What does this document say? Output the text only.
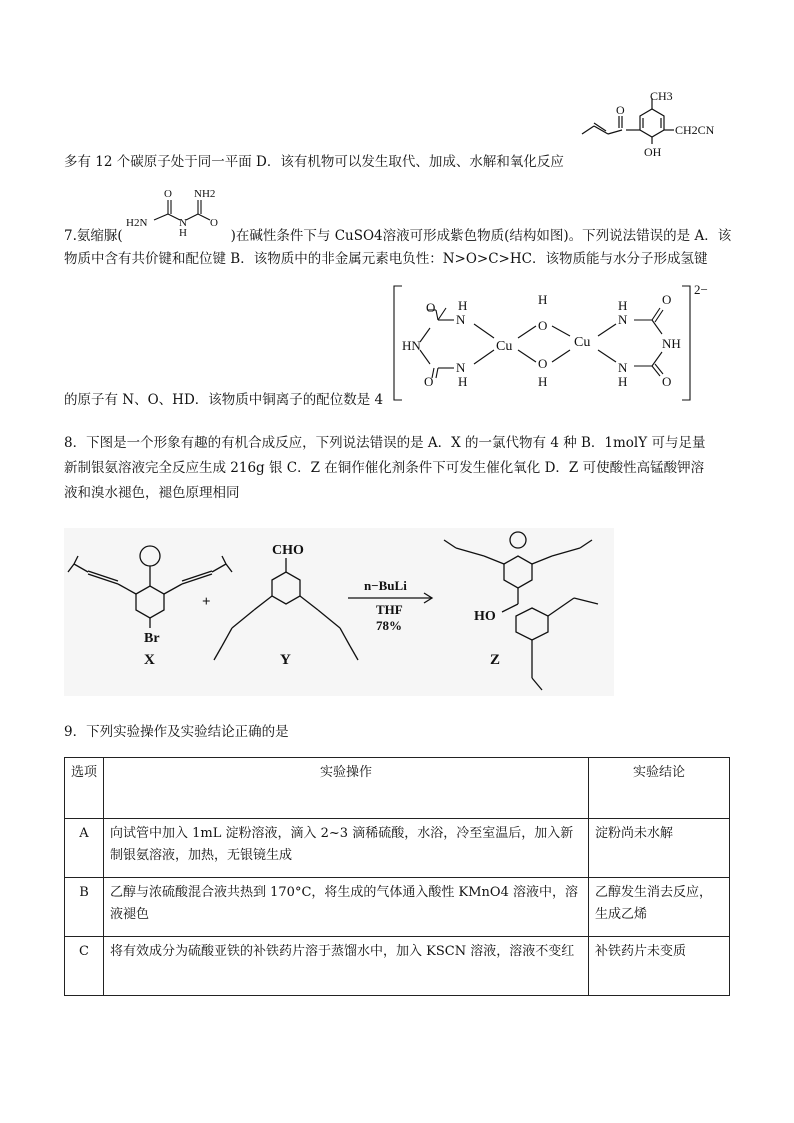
CH3
O
CH2CN
OH
多有 12 个碳原子处于同一平面 D．该有机物可以发生取代、加成、水解和氧化反应
O NH2
H2N	N
H
O
7.氨缩脲(	)在碱性条件下与 CuSO4溶液可形成紫色物质(结构如图)。下列说法错误的是 A．该
物质中含有共价键和配位键 B．该物质中的非金属元素电负性：N>O>C>HC．该物质能与水分子形成氢键
2−
O
N
H
HN
N
H
O
Cu
O
H
O
H
Cu
N
H	O
NH
N
H	O
的原子有 N、O、HD．该物质中铜离子的配位数是 4
8．下图是一个形象有趣的有机合成反应，下列说法错误的是 A．X 的一氯代物有 4 种 B．1molY 可与足量
新制银氨溶液完全反应生成 216g 银 C．Z 在铜作催化剂条件下可发生催化氧化 D．Z 可使酸性高锰酸钾溶
液和溴水褪色，褪色原理相同
Br
X
+
CHO
Y
n−BuLi
THF
78%
HO
Z
9．下列实验操作及实验结论正确的是
选项	实验操作	实验结论
A	向试管中加入 1mL 淀粉溶液，滴入 2~3 滴稀硫酸，水浴，冷至室温后，加入新制银氨溶液，加热，无银镜生成	淀粉尚未水解
B	乙醇与浓硫酸混合液共热到 170°C，将生成的气体通入酸性 KMnO4 溶液中，溶液褪色	乙醇发生消去反应，生成乙烯
C	将有效成分为硫酸亚铁的补铁药片溶于蒸馏水中，加入 KSCN 溶液，溶液不变红	补铁药片未变质
